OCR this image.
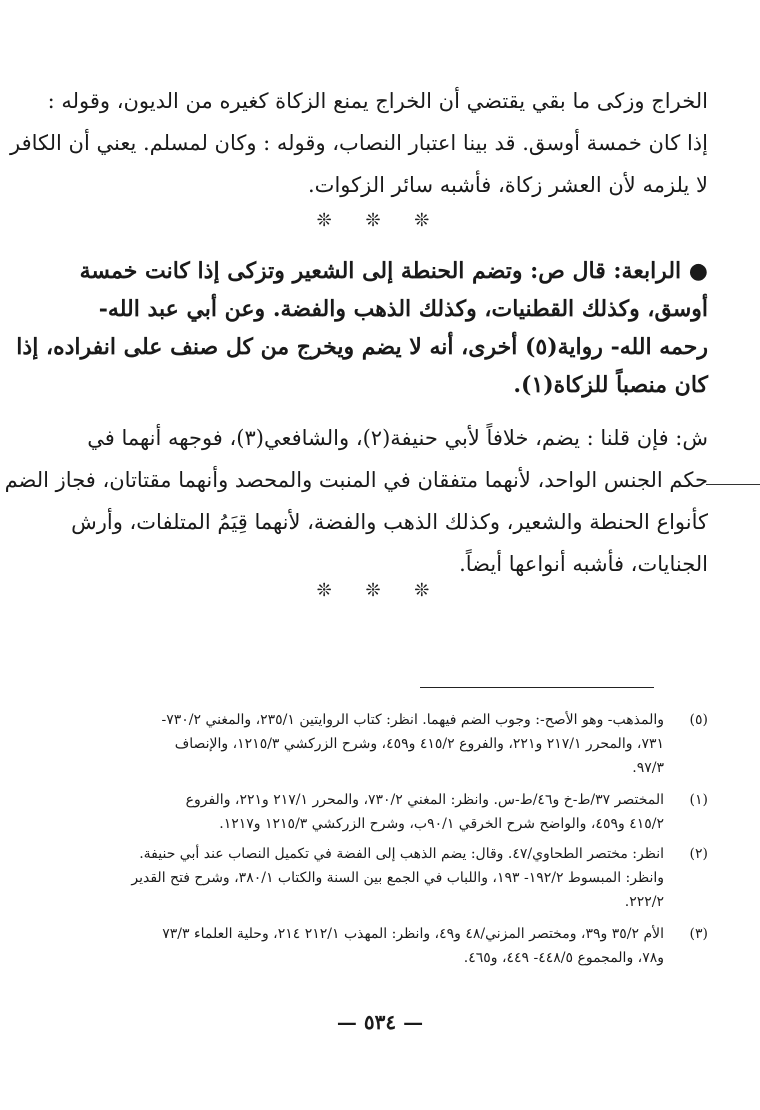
الخراج وزكى ما بقي يقتضي أن الخراج يمنع الزكاة كغيره من الديون، وقوله :
إذا كان خمسة أوسق. قد بينا اعتبار النصاب، وقوله : وكان لمسلم. يعني أن الكافر
لا يلزمه لأن العشر زكاة، فأشبه سائر الزكوات.
❊ ❊ ❊
● الرابعة: قال ص: وتضم الحنطة إلى الشعير وتزكى إذا كانت خمسة
أوسق، وكذلك القطنيات، وكذلك الذهب والفضة. وعن أبي عبد الله-
رحمه الله- رواية(٥) أخرى، أنه لا يضم ويخرج من كل صنف على انفراده، إذا
كان منصباً للزكاة(١).
ش: فإن قلنا : يضم، خلافاً لأبي حنيفة(٢)، والشافعي(٣)، فوجهه أنهما في
حكم الجنس الواحد، لأنهما متفقان في المنبت والمحصد وأنهما مقتاتان، فجاز الضم
كأنواع الحنطة والشعير، وكذلك الذهب والفضة، لأنهما قِيَمُ المتلفات، وأرش
الجنايات، فأشبه أنواعها أيضاً.
❊ ❊ ❊
(٥)
والمذهب- وهو الأصح-: وجوب الضم فيهما. انظر: كتاب الروايتين ٢٣٥/١، والمغني ٧٣٠/٢-
٧٣١، والمحرر ٢١٧/١ و٢٢١، والفروع ٤١٥/٢ و٤٥٩، وشرح الزركشي ١٢١٥/٣، والإنصاف
٩٧/٣.
(١)
المختصر ٣٧/ط-خ و٤٦/ط-س. وانظر: المغني ٧٣٠/٢، والمحرر ٢١٧/١ و٢٢١، والفروع
٤١٥/٢ و٤٥٩، والواضح شرح الخرقي ٩٠/١ب، وشرح الزركشي ١٢١٥/٣ و١٢١٧.
(٢)
انظر: مختصر الطحاوي/٤٧. وقال: يضم الذهب إلى الفضة في تكميل النصاب عند أبي حنيفة.
وانظر: المبسوط ١٩٢/٢- ١٩٣، واللباب في الجمع بين السنة والكتاب ٣٨٠/١، وشرح فتح القدير
٢٢٢/٢.
(٣)
الأم ٣٥/٢ و٣٩، ومختصر المزني/٤٨ و٤٩، وانظر: المهذب ٢١٢/١ ٢١٤، وحلية العلماء ٧٣/٣
و٧٨، والمجموع ٤٤٨/٥- ٤٤٩، و٤٦٥.
— ٥٣٤ —
